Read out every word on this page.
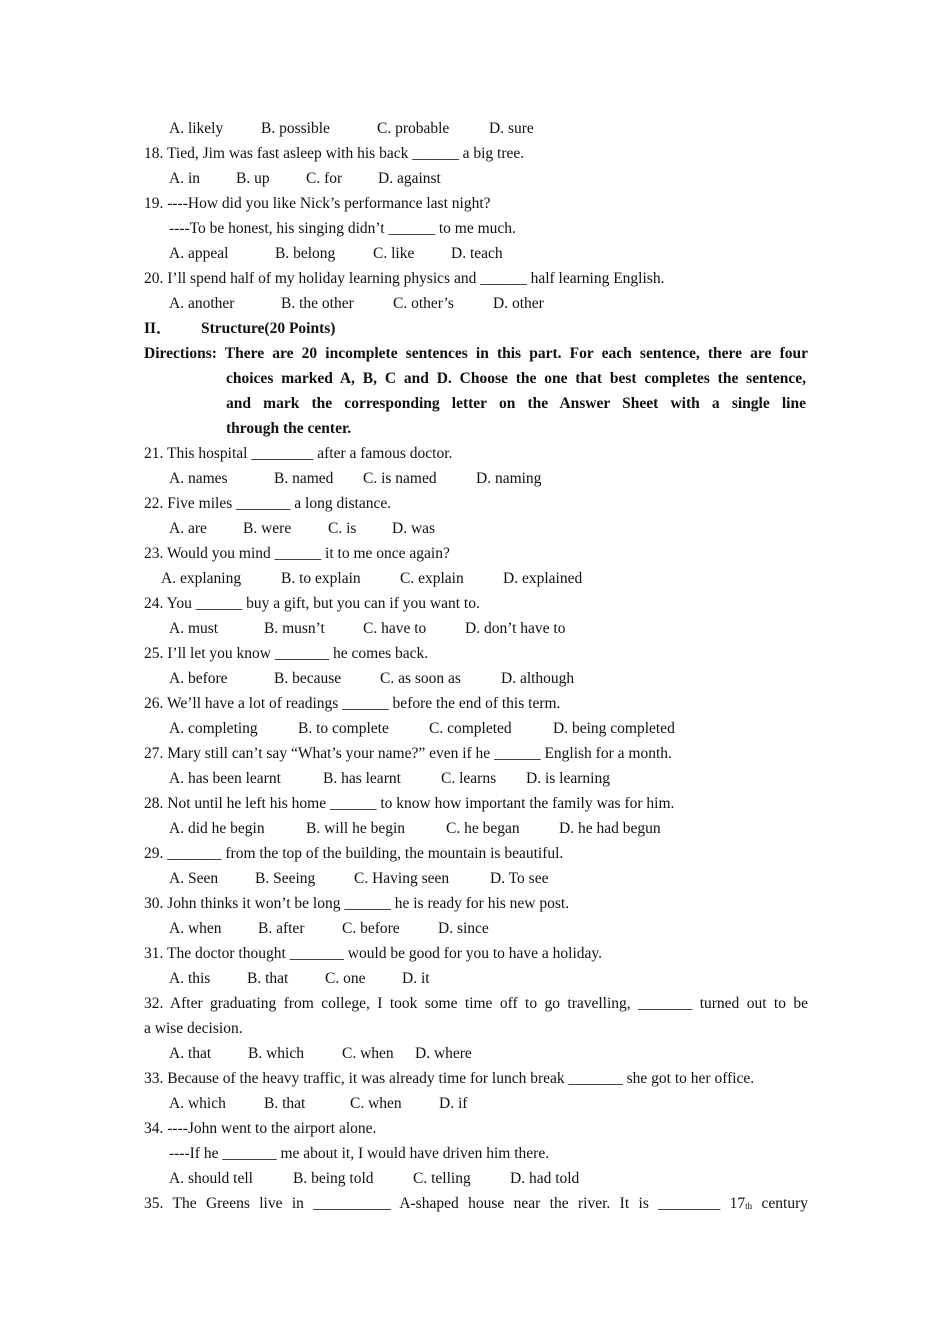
A. likely B. possible	C. probable	D. sure
18. Tied, Jim was fast asleep with his back ______ a big tree.
A. in B. up C. for D. against
19. ----How did you like Nick’s performance last night?
----To be honest, his singing didn’t ______ to me much.
A. appeal	B. belong C. like D. teach
20. I’ll spend half of my holiday learning physics and ______ half learning English.
A. another	B. the other	C. other’s	D. other
II． Structure(20 Points)
Directions: There are 20 incomplete sentences in this part. For each sentence, there are four
choices marked A, B, C and D. Choose the one that best completes the sentence,
and mark the corresponding letter on the Answer Sheet with a single line
through the center.
21. This hospital ________ after a famous doctor.
A. names	B. named C. is named	D. naming
22. Five miles _______ a long distance.
A. are B. were C. is D. was
23. Would you mind ______ it to me once again?
A. explaning	B. to explain	C. explain	D. explained
24. You ______ buy a gift, but you can if you want to.
A. must	B. musn’t C. have to D. don’t have to
25. I’ll let you know _______ he comes back.
A. before	B. because	C. as soon as	D. although
26. We’ll have a lot of readings ______ before the end of this term.
A. completing	B. to complete	C. completed	D. being completed
27. Mary still can’t say “What’s your name?” even if he ______ English for a month.
A. has been learnt	B. has learnt	C. learns D. is learning
28. Not until he left his home ______ to know how important the family was for him.
A. did he begin	B. will he begin	C. he began	D. he had begun
29. _______ from the top of the building, the mountain is beautiful.
A. Seen B. Seeing C. Having seen	D. To see
30. John thinks it won’t be long ______ he is ready for his new post.
A. when B. after C. before D. since
31. The doctor thought _______ would be good for you to have a holiday.
A. this B. that C. one D. it
32. After graduating from college, I took some time off to go travelling, _______ turned out to be
a wise decision.
A. that B. which C. when D. where
33. Because of the heavy traffic, it was already time for lunch break _______ she got to her office.
A. which B. that	C. when D. if
34. ----John went to the airport alone.
----If he _______ me about it, I would have driven him there.
A. should tell	B. being told	C. telling	D. had told
35. The Greens live in __________ A-shaped house near the river. It is ________ $17_{th}$ century
